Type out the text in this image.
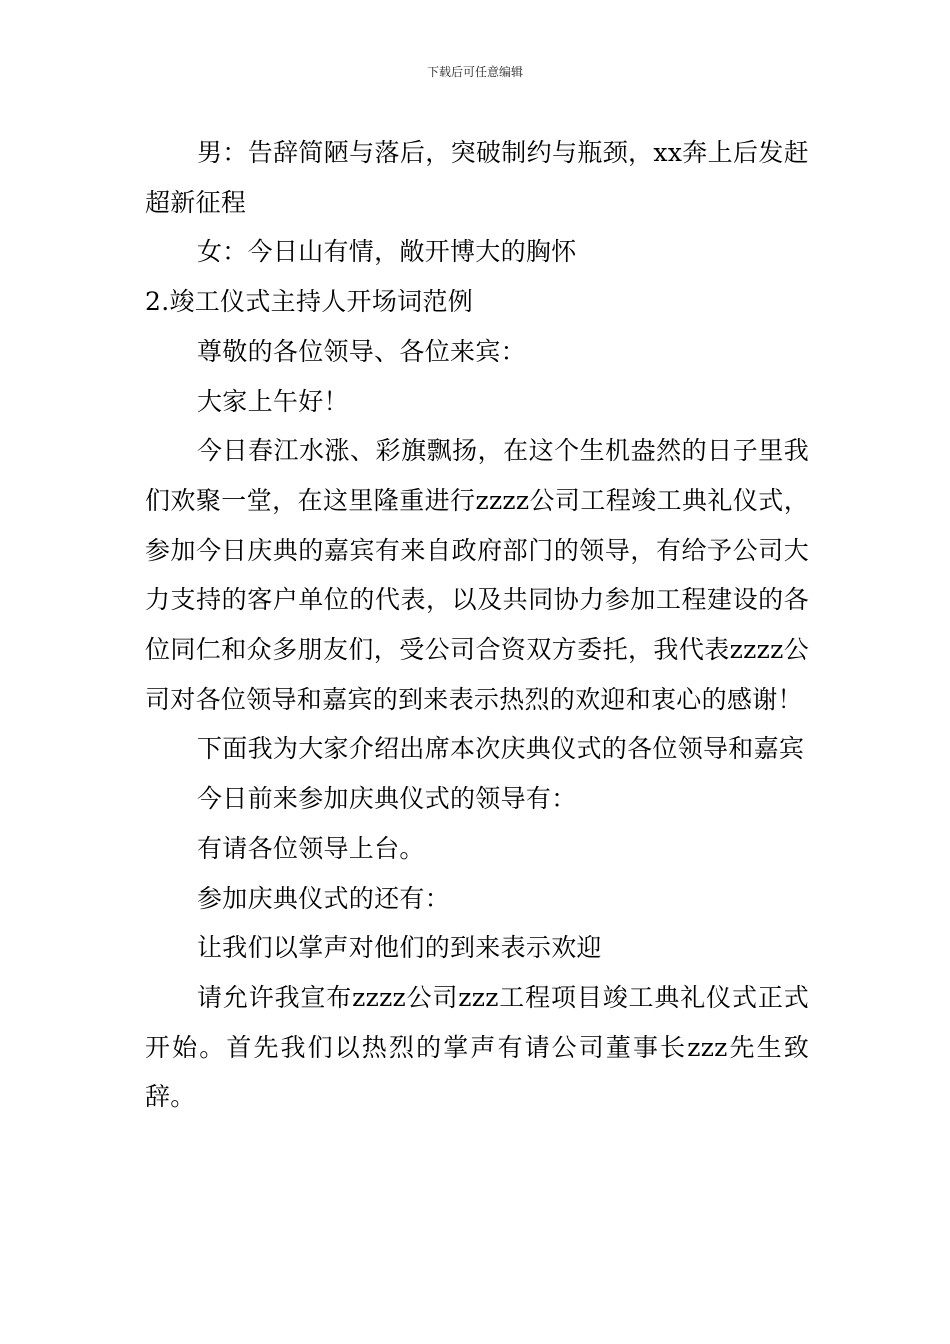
下载后可任意编辑

男：告辞简陋与落后，突破制约与瓶颈，xx奔上后发赶超新征程

女：今日山有情，敞开博大的胸怀

2.竣工仪式主持人开场词范例

尊敬的各位领导、各位来宾：

大家上午好！

今日春江水涨、彩旗飘扬，在这个生机盎然的日子里我们欢聚一堂，在这里隆重进行zzzz公司工程竣工典礼仪式，参加今日庆典的嘉宾有来自政府部门的领导，有给予公司大力支持的客户单位的代表，以及共同协力参加工程建设的各位同仁和众多朋友们，受公司合资双方委托，我代表zzzz公司对各位领导和嘉宾的到来表示热烈的欢迎和衷心的感谢！

下面我为大家介绍出席本次庆典仪式的各位领导和嘉宾

今日前来参加庆典仪式的领导有：

有请各位领导上台。

参加庆典仪式的还有：

让我们以掌声对他们的到来表示欢迎

请允许我宣布zzzz公司zzz工程项目竣工典礼仪式正式开始。首先我们以热烈的掌声有请公司董事长zzz先生致辞。
